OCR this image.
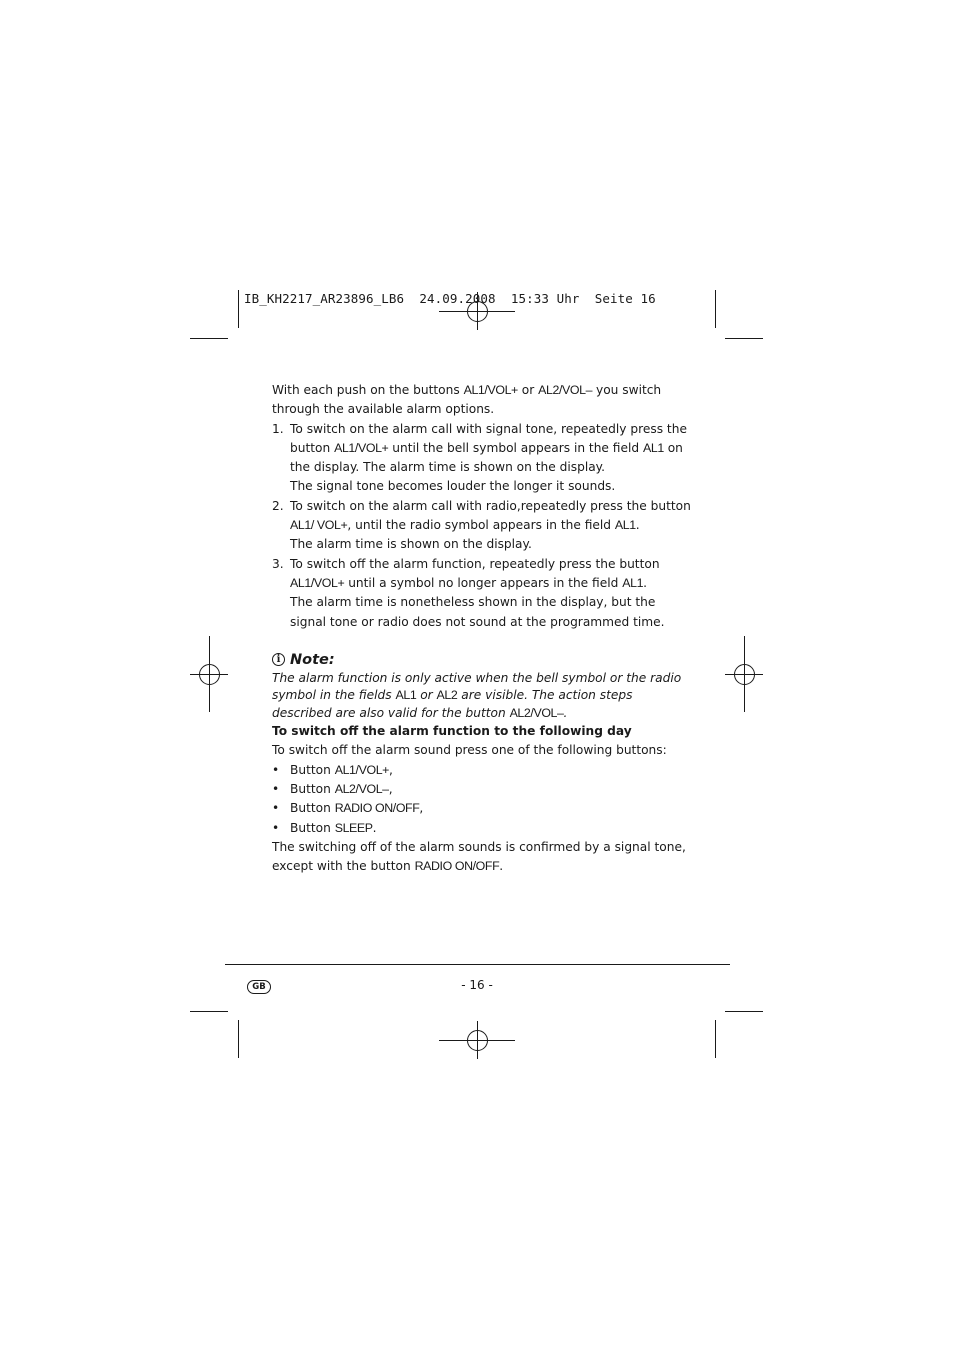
IB_KH2217_AR23896_LB6  24.09.2008  15:33 Uhr  Seite 16

With each push on the buttons AL1/VOL+ or AL2/VOL– you switch through the available alarm options.

1. To switch on the alarm call with signal tone, repeatedly press the button AL1/VOL+ until the bell symbol appears in the field AL1 on the display. The alarm time is shown on the display.

The signal tone becomes louder the longer it sounds.

2. To switch on the alarm call with radio,repeatedly press the button AL1/ VOL+, until the radio symbol appears in the field AL1.

The alarm time is shown on the display.

3. To switch off the alarm function, repeatedly press the button AL1/VOL+ until a symbol no longer appears in the field AL1.

The alarm time is nonetheless shown in the display, but the signal tone or radio does not sound at the programmed time.

i Note:

The alarm function is only active when the bell symbol or the radio symbol in the fields AL1 or AL2 are visible. The action steps described are also valid for the button AL2/VOL–.

To switch off the alarm function to the following day

To switch off the alarm sound press one of the following buttons:

• Button AL1/VOL+,
• Button AL2/VOL–,
• Button RADIO ON/OFF,
• Button SLEEP.

The switching off of the alarm sounds is confirmed by a signal tone, except with the button RADIO ON/OFF.

GB	- 16 -
